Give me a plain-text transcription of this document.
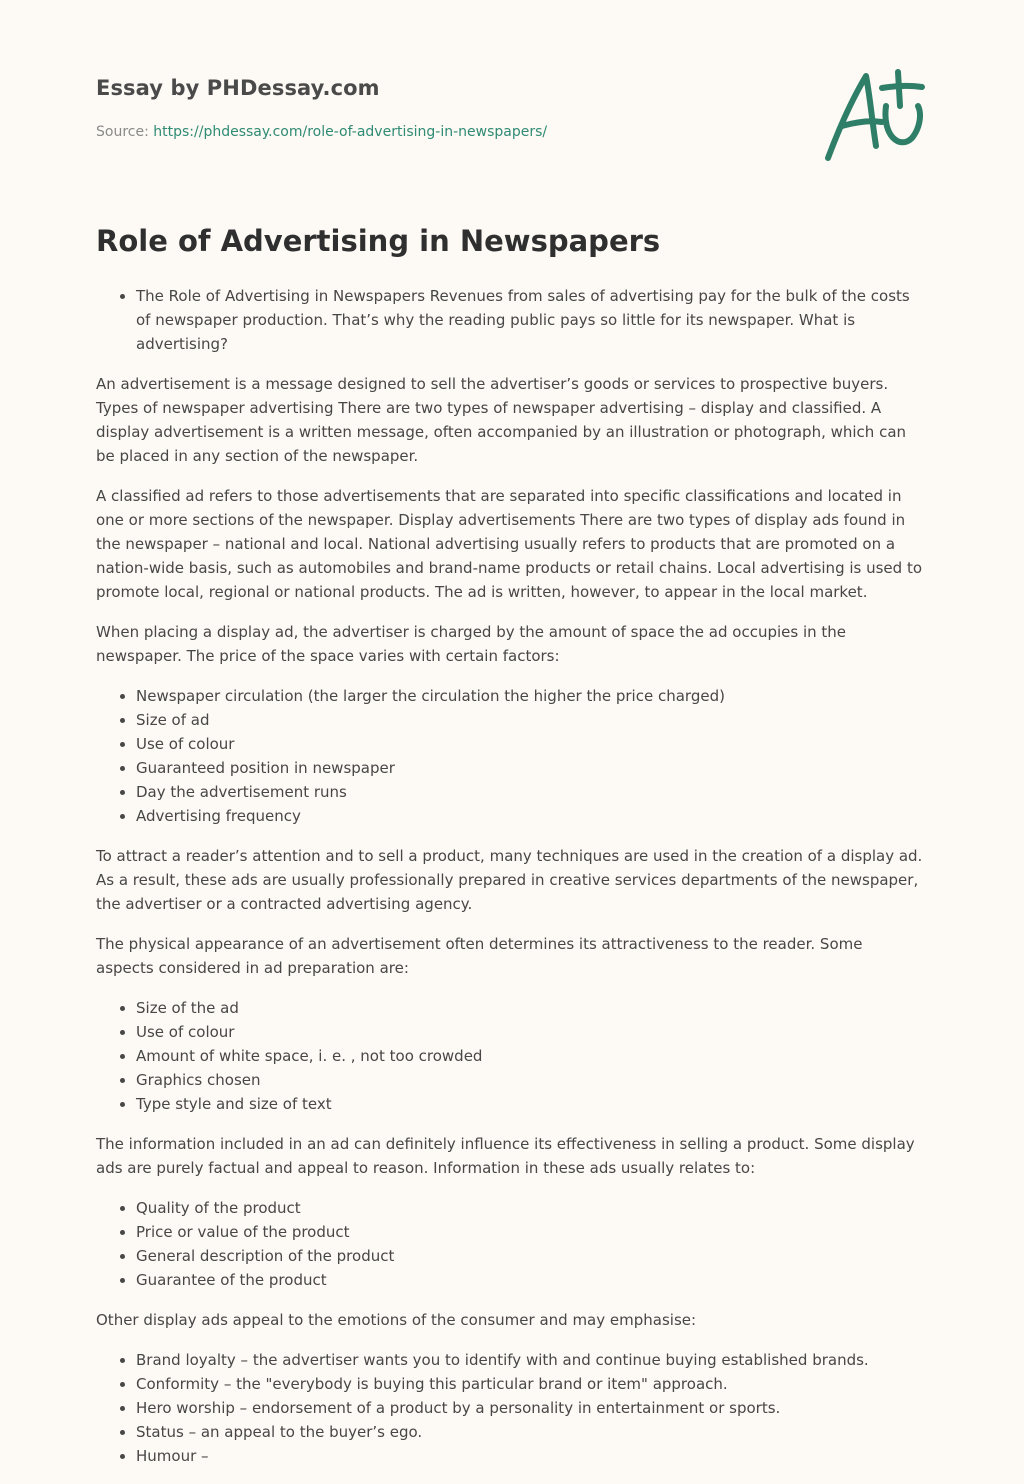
Essay by PHDessay.com
Source: https://phdessay.com/role-of-advertising-in-newspapers/
Role of Advertising in Newspapers
• The Role of Advertising in Newspapers Revenues from sales of advertising pay for the bulk of the costs of newspaper production. That’s why the reading public pays so little for its newspaper. What is advertising?

An advertisement is a message designed to sell the advertiser’s goods or services to prospective buyers. Types of newspaper advertising There are two types of newspaper advertising – display and classified. A display advertisement is a written message, often accompanied by an illustration or photograph, which can be placed in any section of the newspaper.

A classified ad refers to those advertisements that are separated into specific classifications and located in one or more sections of the newspaper. Display advertisements There are two types of display ads found in the newspaper – national and local. National advertising usually refers to products that are promoted on a nation-wide basis, such as automobiles and brand-name products or retail chains. Local advertising is used to promote local, regional or national products. The ad is written, however, to appear in the local market.

When placing a display ad, the advertiser is charged by the amount of space the ad occupies in the newspaper. The price of the space varies with certain factors:

• Newspaper circulation (the larger the circulation the higher the price charged)
• Size of ad
• Use of colour
• Guaranteed position in newspaper
• Day the advertisement runs
• Advertising frequency

To attract a reader’s attention and to sell a product, many techniques are used in the creation of a display ad. As a result, these ads are usually professionally prepared in creative services departments of the newspaper, the advertiser or a contracted advertising agency.

The physical appearance of an advertisement often determines its attractiveness to the reader. Some aspects considered in ad preparation are:

• Size of the ad
• Use of colour
• Amount of white space, i. e. , not too crowded
• Graphics chosen
• Type style and size of text

The information included in an ad can definitely influence its effectiveness in selling a product. Some display ads are purely factual and appeal to reason. Information in these ads usually relates to:

• Quality of the product
• Price or value of the product
• General description of the product
• Guarantee of the product

Other display ads appeal to the emotions of the consumer and may emphasise:

• Brand loyalty – the advertiser wants you to identify with and continue buying established brands.
• Conformity – the "everybody is buying this particular brand or item" approach.
• Hero worship – endorsement of a product by a personality in entertainment or sports.
• Status – an appeal to the buyer’s ego.
• Humour –
